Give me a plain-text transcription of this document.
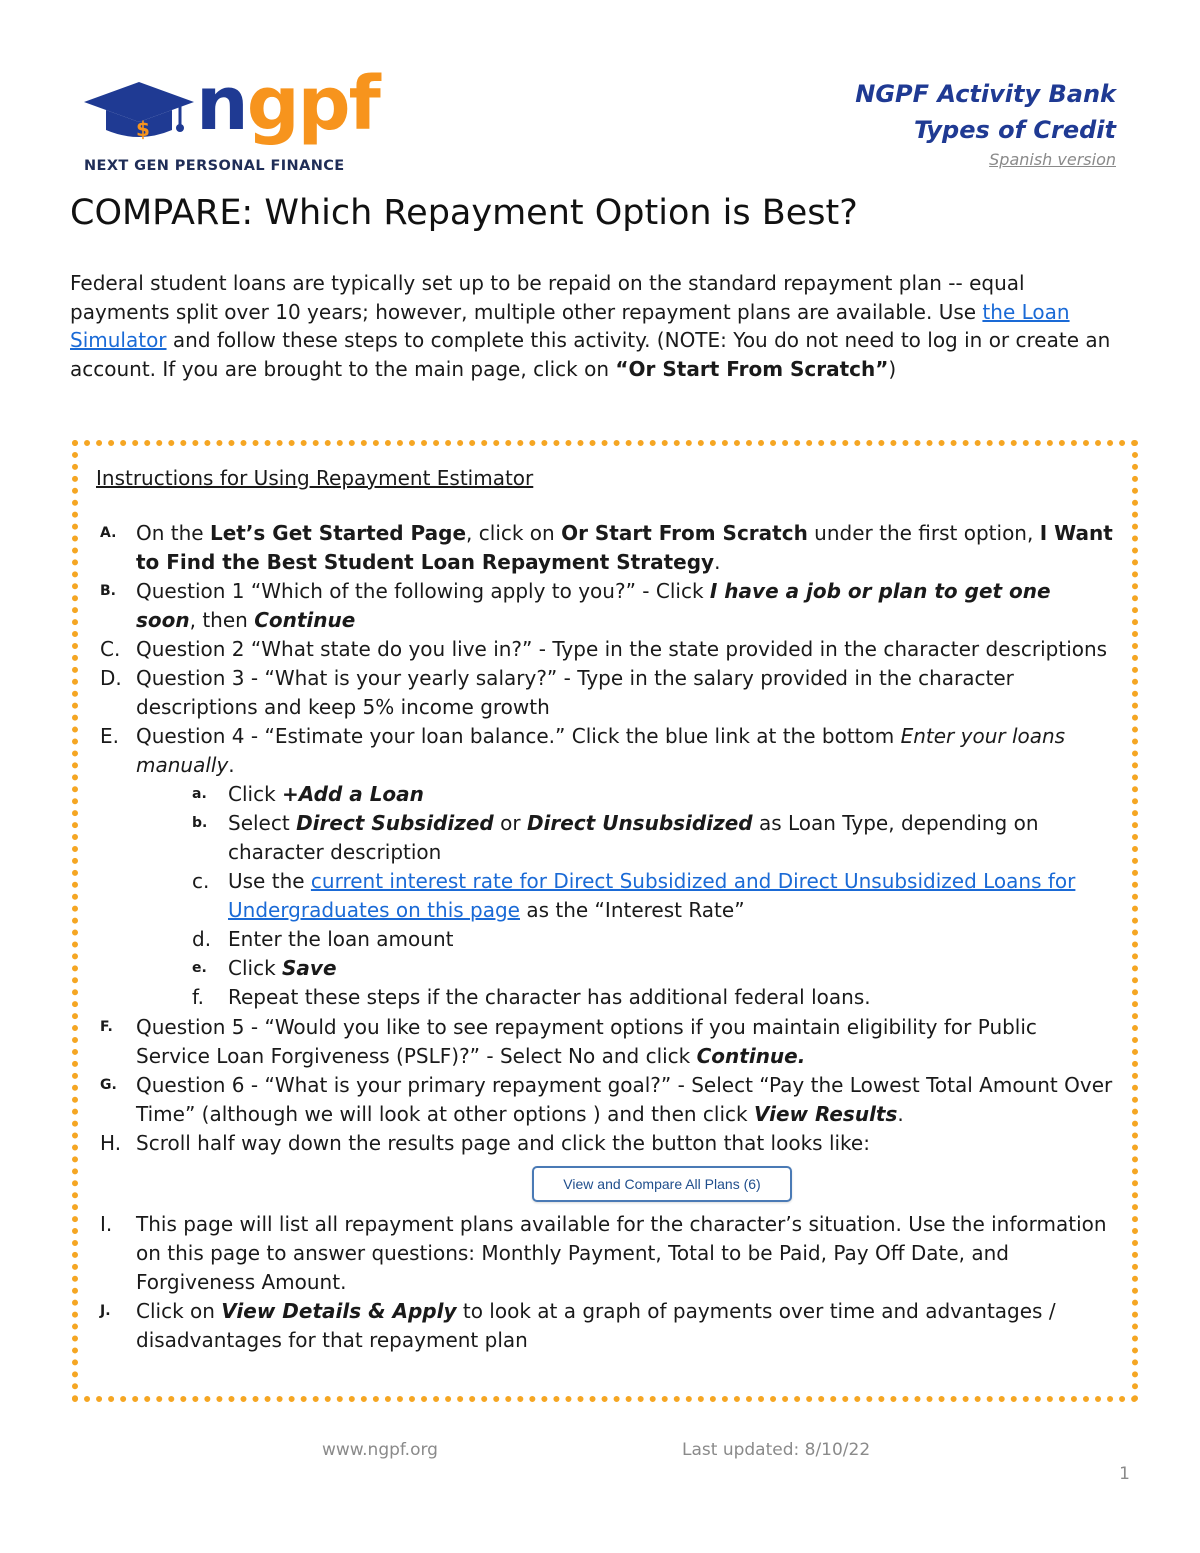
$ ngpf
NEXT GEN PERSONAL FINANCE
NGPF Activity Bank
Types of Credit
Spanish version
COMPARE: Which Repayment Option is Best?
Federal student loans are typically set up to be repaid on the standard repayment plan -- equal payments split over 10 years; however, multiple other repayment plans are available. Use the Loan Simulator and follow these steps to complete this activity. (NOTE: You do not need to log in or create an account. If you are brought to the main page, click on “Or Start From Scratch”)
Instructions for Using Repayment Estimator
A. On the Let’s Get Started Page, click on Or Start From Scratch under the first option, I Want to Find the Best Student Loan Repayment Strategy.
B.	Question 1 “Which of the following apply to you?” - Click I have a job or plan to get one soon, then Continue
C. Question 2 “What state do you live in?” - Type in the state provided in the character descriptions
D. Question 3 - “What is your yearly salary?” - Type in the salary provided in the character descriptions and keep 5% income growth
E. Question 4 - “Estimate your loan balance.” Click the blue link at the bottom Enter your loans manually.
a.	Click +Add a Loan
b.	Select Direct Subsidized or Direct Unsubsidized as Loan Type, depending on character description
c. Use the current interest rate for Direct Subsidized and Direct Unsubsidized Loans for Undergraduates on this page as the “Interest Rate”
d. Enter the loan amount
e.	Click Save
f.	Repeat these steps if the character has additional federal loans.
F.	Question 5 - “Would you like to see repayment options if you maintain eligibility for Public Service Loan Forgiveness (PSLF)?” - Select No and click Continue.
G. Question 6 - “What is your primary repayment goal?” - Select “Pay the Lowest Total Amount Over Time” (although we will look at other options ) and then click View Results.
H. Scroll half way down the results page and click the button that looks like:
View and Compare All Plans (6)
I.	This page will list all repayment plans available for the character’s situation. Use the information on this page to answer questions: Monthly Payment, Total to be Paid, Pay Off Date, and Forgiveness Amount.
J.	Click on View Details & Apply to look at a graph of payments over time and advantages / disadvantages for that repayment plan
www.ngpf.org	Last updated: 8/10/22
1
